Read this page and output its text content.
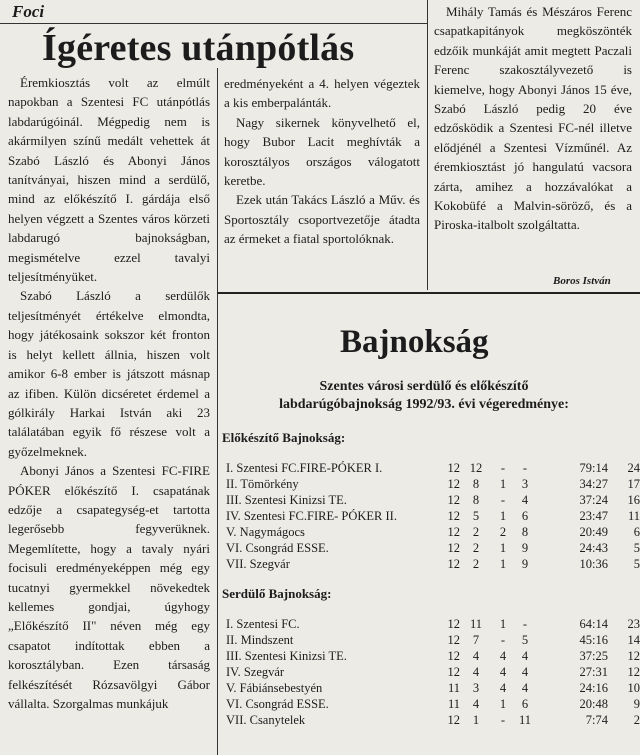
Foci
Ígéretes utánpótlás

Éremkiosztás volt az elmúlt napokban a Szentesi FC utánpótlás labdarúgóinál. Mégpedig nem is akármilyen színű medált vehettek át Szabó László és Abonyi János tanítványai, hiszen mind a serdülő, mind az előkészítő I. gárdája első helyen végzett a Szentes város körzeti labdarugó bajnokságban, megismételve ezzel tavalyi teljesítményüket.

Szabó László a serdülők teljesítményét értékelve elmondta, hogy játékosaink sokszor két fronton is helyt kellett állnia, hiszen volt amikor 6-8 ember is játszott másnap az ifiben. Külön dicséretet érdemel a gólkirály Harkai István aki 23 találatában egyik fő részese volt a győzelmeknek.

Abonyi János a Szentesi FC-FIRE PÓKER előkészítő I. csapatának edzője a csapategység-et tartotta legerősebb fegyverüknek. Megemlítette, hogy a tavaly nyári focisuli eredményeképpen még egy tucatnyi gyermekkel növekedtek kellemes gondjai, úgyhogy „Előkészítő II" néven még egy csapatot indítottak ebben a korosztályban. Ezen társaság felkészítését Rózsavölgyi Gábor vállalta. Szorgalmas munkájuk

eredményeként a 4. helyen végeztek a kis emberpalánták.

Nagy sikernek könyvelhető el, hogy Bubor Lacit meghívták a korosztályos országos válogatott keretbe.

Ezek után Takács László a Műv. és Sportosztály csoportvezetője átadta az érmeket a fiatal sportolóknak.

Mihály Tamás és Mészáros Ferenc csapatkapitányok megköszönték edzőik munkáját amit megtett Paczali Ferenc szakosztályvezető is kiemelve, hogy Abonyi János 15 éve, Szabó László pedig 20 éve edzősködik a Szentesi FC-nél illetve elődjénél a Szentesi Vízműnél. Az éremkiosztást jó hangulatú vacsora zárta, amihez a hozzávalókat a Kokobüfé a Malvin-söröző, és a Piroska-italbolt szolgáltatta.

Boros István
Bajnokság
Szentes városi serdülő és előkészítő
labdarúgóbajnokság 1992/93. évi végeredménye:
Előkészítő Bajnokság:
I. Szentesi FC.FIRE-PÓKER I.	12	12	-	-	79:14	24
II. Tömörkény	12	8	1	3	34:27	17
III. Szentesi Kinizsi TE.	12	8	-	4	37:24	16
IV. Szentesi FC.FIRE- PÓKER II.	12	5	1	6	23:47	11
V. Nagymágocs	12	2	2	8	20:49	6
VI. Csongrád ESSE.	12	2	1	9	24:43	5
VII. Szegvár	12	2	1	9	10:36	5
Serdülő Bajnokság:
I. Szentesi FC.	12	11	1	-	64:14	23
II. Mindszent	12	7	-	5	45:16	14
III. Szentesi Kinizsi TE.	12	4	4	4	37:25	12
IV. Szegvár	12	4	4	4	27:31	12
V. Fábiánsebestyén	11	3	4	4	24:16	10
VI. Csongrád ESSE.	11	4	1	6	20:48	9
VII. Csanytelek	12	1	-	11	7:74	2
